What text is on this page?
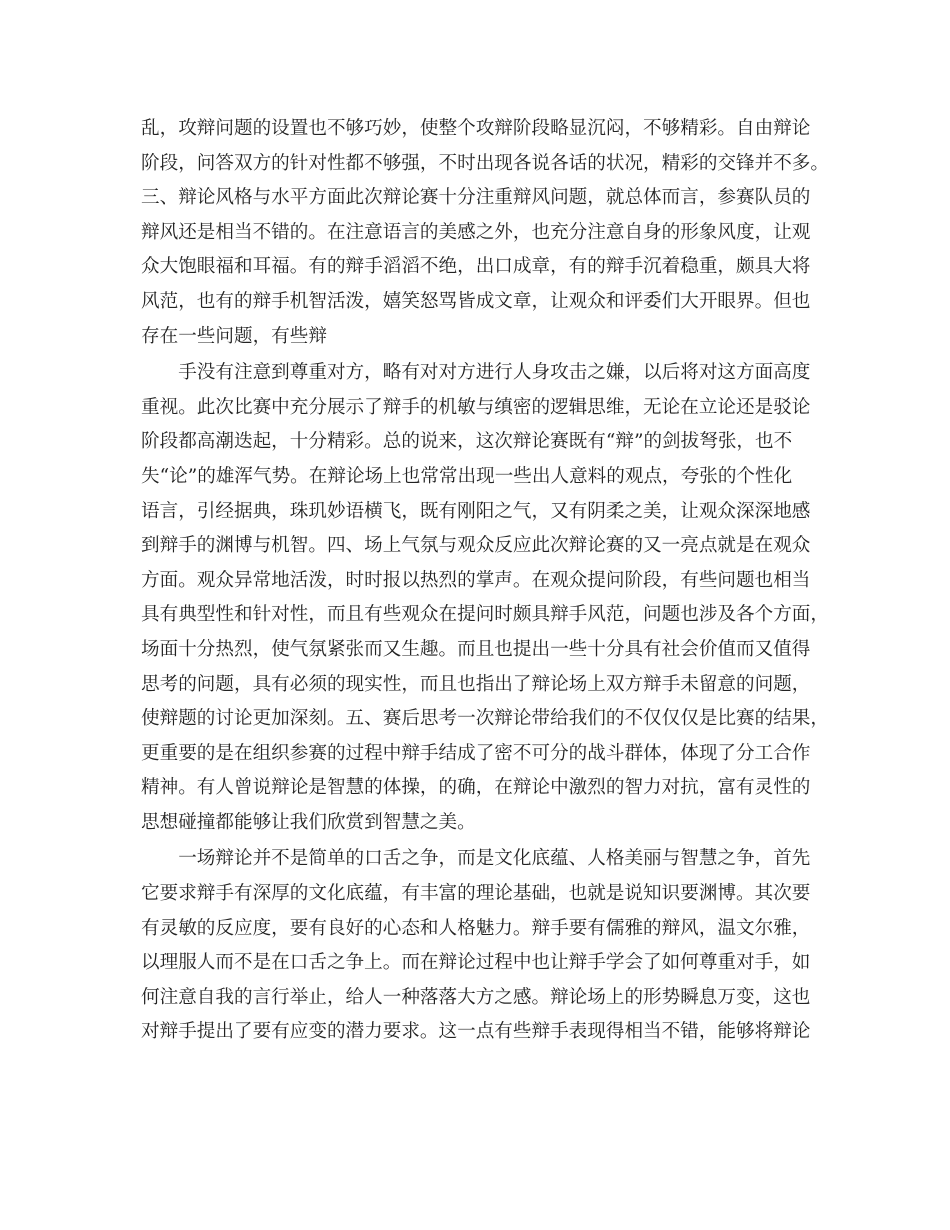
乱，攻辩问题的设置也不够巧妙，使整个攻辩阶段略显沉闷，不够精彩。自由辩论
阶段，问答双方的针对性都不够强，不时出现各说各话的状况，精彩的交锋并不多。
三、辩论风格与水平方面此次辩论赛十分注重辩风问题，就总体而言，参赛队员的
辩风还是相当不错的。在注意语言的美感之外，也充分注意自身的形象风度，让观
众大饱眼福和耳福。有的辩手滔滔不绝，出口成章，有的辩手沉着稳重，颇具大将
风范，也有的辩手机智活泼，嬉笑怒骂皆成文章，让观众和评委们大开眼界。但也
存在一些问题，有些辩
　　手没有注意到尊重对方，略有对对方进行人身攻击之嫌，以后将对这方面高度
重视。此次比赛中充分展示了辩手的机敏与缜密的逻辑思维，无论在立论还是驳论
阶段都高潮迭起，十分精彩。总的说来，这次辩论赛既有“辩”的剑拔弩张，也不
失“论”的雄浑气势。在辩论场上也常常出现一些出人意料的观点，夸张的个性化
语言，引经据典，珠玑妙语横飞，既有刚阳之气，又有阴柔之美，让观众深深地感
到辩手的渊博与机智。四、场上气氛与观众反应此次辩论赛的又一亮点就是在观众
方面。观众异常地活泼，时时报以热烈的掌声。在观众提问阶段，有些问题也相当
具有典型性和针对性，而且有些观众在提问时颇具辩手风范，问题也涉及各个方面，
场面十分热烈，使气氛紧张而又生趣。而且也提出一些十分具有社会价值而又值得
思考的问题，具有必须的现实性，而且也指出了辩论场上双方辩手未留意的问题，
使辩题的讨论更加深刻。五、赛后思考一次辩论带给我们的不仅仅仅是比赛的结果，
更重要的是在组织参赛的过程中辩手结成了密不可分的战斗群体，体现了分工合作
精神。有人曾说辩论是智慧的体操，的确，在辩论中激烈的智力对抗，富有灵性的
思想碰撞都能够让我们欣赏到智慧之美。
　　一场辩论并不是简单的口舌之争，而是文化底蕴、人格美丽与智慧之争，首先
它要求辩手有深厚的文化底蕴，有丰富的理论基础，也就是说知识要渊博。其次要
有灵敏的反应度，要有良好的心态和人格魅力。辩手要有儒雅的辩风，温文尔雅，
以理服人而不是在口舌之争上。而在辩论过程中也让辩手学会了如何尊重对手，如
何注意自我的言行举止，给人一种落落大方之感。辩论场上的形势瞬息万变，这也
对辩手提出了要有应变的潜力要求。这一点有些辩手表现得相当不错，能够将辩论
